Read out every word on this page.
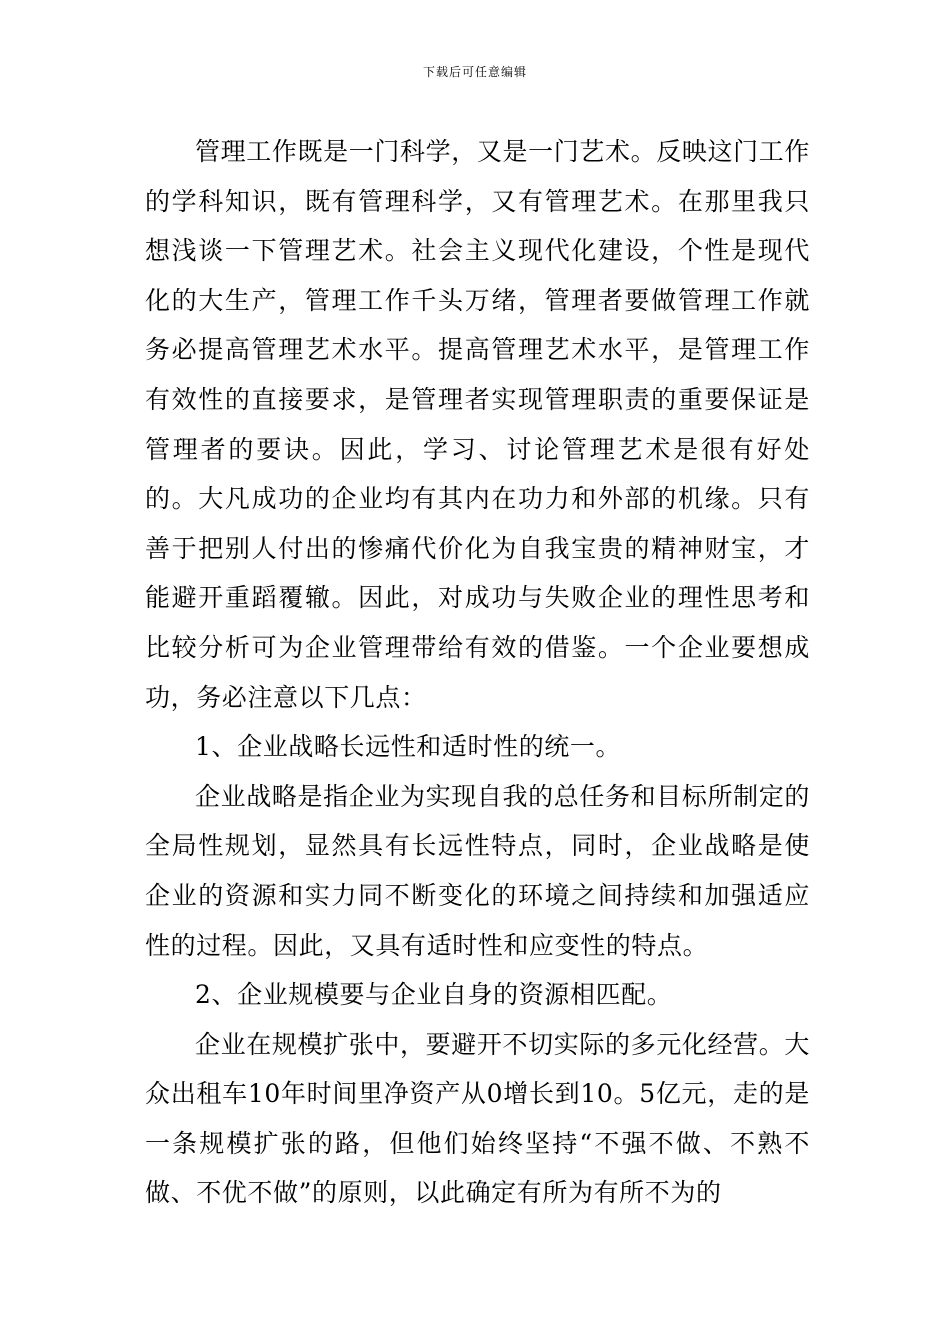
下载后可任意编辑

管理工作既是一门科学，又是一门艺术。反映这门工作的学科知识，既有管理科学，又有管理艺术。在那里我只想浅谈一下管理艺术。社会主义现代化建设，个性是现代化的大生产，管理工作千头万绪，管理者要做管理工作就务必提高管理艺术水平。提高管理艺术水平，是管理工作有效性的直接要求，是管理者实现管理职责的重要保证是管理者的要诀。因此，学习、讨论管理艺术是很有好处的。大凡成功的企业均有其内在功力和外部的机缘。只有善于把别人付出的惨痛代价化为自我宝贵的精神财宝，才能避开重蹈覆辙。因此，对成功与失败企业的理性思考和比较分析可为企业管理带给有效的借鉴。一个企业要想成功，务必注意以下几点：

1、企业战略长远性和适时性的统一。

企业战略是指企业为实现自我的总任务和目标所制定的全局性规划，显然具有长远性特点，同时，企业战略是使企业的资源和实力同不断变化的环境之间持续和加强适应性的过程。因此，又具有适时性和应变性的特点。

2、企业规模要与企业自身的资源相匹配。

企业在规模扩张中，要避开不切实际的多元化经营。大众出租车10年时间里净资产从0增长到10。5亿元，走的是一条规模扩张的路，但他们始终坚持“不强不做、不熟不做、不优不做”的原则，以此确定有所为有所不为的
